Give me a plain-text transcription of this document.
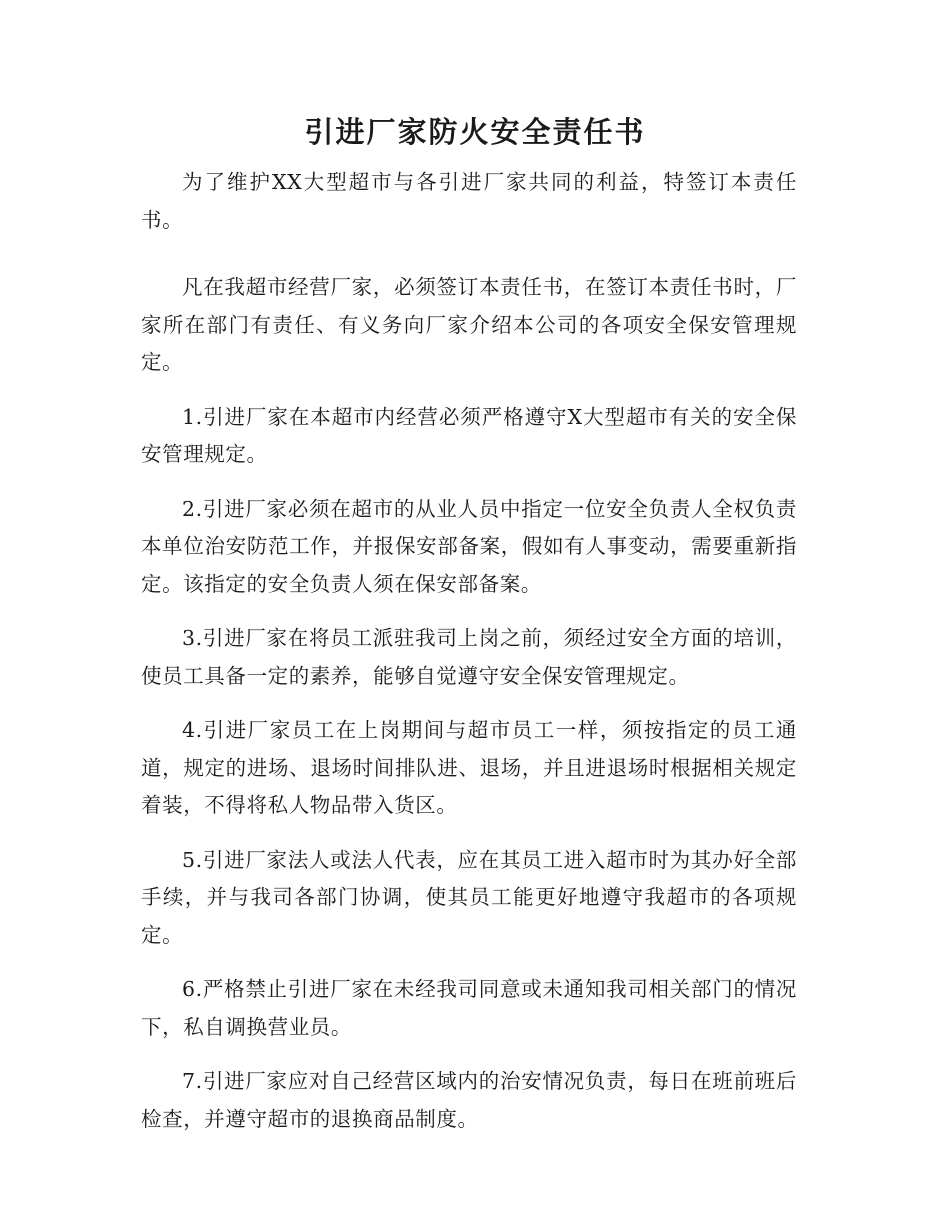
引进厂家防火安全责任书

为了维护XX大型超市与各引进厂家共同的利益，特签订本责任书。

凡在我超市经营厂家，必须签订本责任书，在签订本责任书时，厂家所在部门有责任、有义务向厂家介绍本公司的各项安全保安管理规定。

1.引进厂家在本超市内经营必须严格遵守X大型超市有关的安全保安管理规定。

2.引进厂家必须在超市的从业人员中指定一位安全负责人全权负责本单位治安防范工作，并报保安部备案，假如有人事变动，需要重新指定。该指定的安全负责人须在保安部备案。

3.引进厂家在将员工派驻我司上岗之前，须经过安全方面的培训，使员工具备一定的素养，能够自觉遵守安全保安管理规定。

4.引进厂家员工在上岗期间与超市员工一样，须按指定的员工通道，规定的进场、退场时间排队进、退场，并且进退场时根据相关规定着装，不得将私人物品带入货区。

5.引进厂家法人或法人代表，应在其员工进入超市时为其办好全部手续，并与我司各部门协调，使其员工能更好地遵守我超市的各项规定。

6.严格禁止引进厂家在未经我司同意或未通知我司相关部门的情况下，私自调换营业员。

7.引进厂家应对自己经营区域内的治安情况负责，每日在班前班后检查，并遵守超市的退换商品制度。
